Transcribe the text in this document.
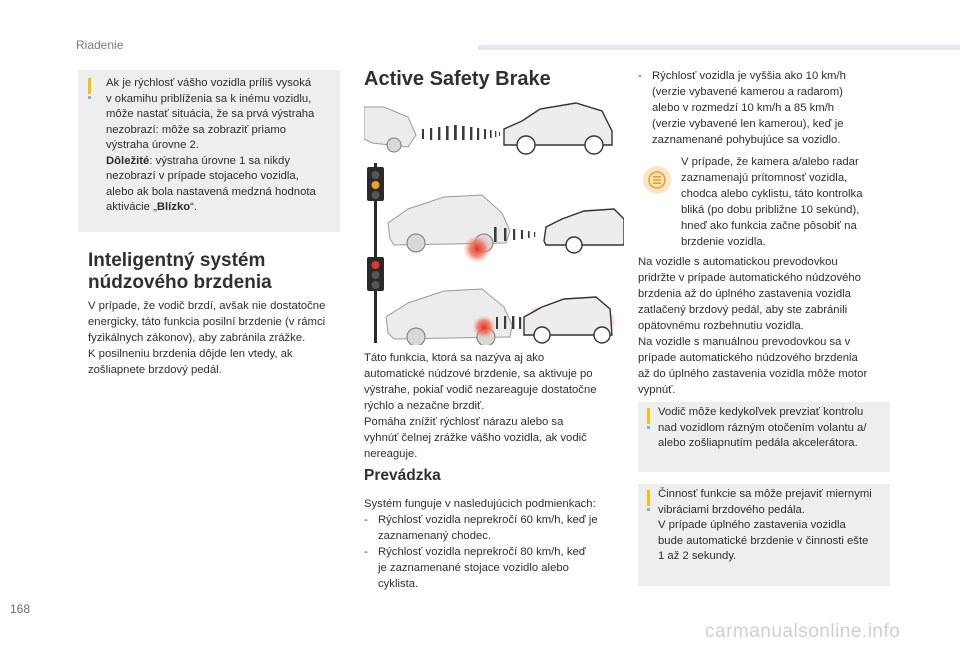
Riadenie
168

Ak je rýchlosť vášho vozidla príliš vysoká

v okamihu priblíženia sa k inému vozidlu,

môže nastať situácia, že sa prvá výstraha

nezobrazí: môže sa zobraziť priamo

výstraha úrovne 2.

Dôležité: výstraha úrovne 1 sa nikdy

nezobrazí v prípade stojaceho vozidla,

alebo ak bola nastavená medzná hodnota

aktivácie „Blízko“.

Inteligentný systém
núdzového brzdenia

V prípade, že vodič brzdí, avšak nie dostatočne

energicky, táto funkcia posilní brzdenie (v rámci

fyzikálnych zákonov), aby zabránila zrážke.

K posilneniu brzdenia dôjde len vtedy, ak

zošliapnete brzdový pedál.

Active Safety Brake

Táto funkcia, ktorá sa nazýva aj ako

automatické núdzové brzdenie, sa aktivuje po

výstrahe, pokiaľ vodič nezareaguje dostatočne

rýchlo a nezačne brzdiť.

Pomáha znížiť rýchlosť nárazu alebo sa

vyhnúť čelnej zrážke vášho vozidla, ak vodič

nereaguje.

Prevádzka

Systém funguje v nasledujúcich podmienkach:

- Rýchlosť vozidla neprekročí 60 km/h, keď je
zaznamenaný chodec.
- Rýchlosť vozidla neprekročí 80 km/h, keď
je zaznamenané stojace vozidlo alebo
cyklista.
- Rýchlosť vozidla je vyššia ako 10 km/h
(verzie vybavené kamerou a radarom)
alebo v rozmedzí 10 km/h a 85 km/h
(verzie vybavené len kamerou), keď je
zaznamenané pohybujúce sa vozidlo.

V prípade, že kamera a/alebo radar

zaznamenajú prítomnosť vozidla,

chodca alebo cyklistu, táto kontrolka

bliká (po dobu približne 10 sekúnd),

hneď ako funkcia začne pôsobiť na

brzdenie vozidla.

Na vozidle s automatickou prevodovkou

pridržte v prípade automatického núdzového

brzdenia až do úplného zastavenia vozidla

zatlačený brzdový pedál, aby ste zabránili

opätovnému rozbehnutiu vozidla.

Na vozidle s manuálnou prevodovkou sa v

prípade automatického núdzového brzdenia

až do úplného zastavenia vozidla môže motor

vypnúť.

Vodič môže kedykoľvek prevziať kontrolu

nad vozidlom rázným otočením volantu a/

alebo zošliapnutím pedála akcelerátora.

Činnosť funkcie sa môže prejaviť miernymi

vibráciami brzdového pedála.

V prípade úplného zastavenia vozidla

bude automatické brzdenie v činnosti ešte

1 až 2 sekundy.

carmanualsonline.info
